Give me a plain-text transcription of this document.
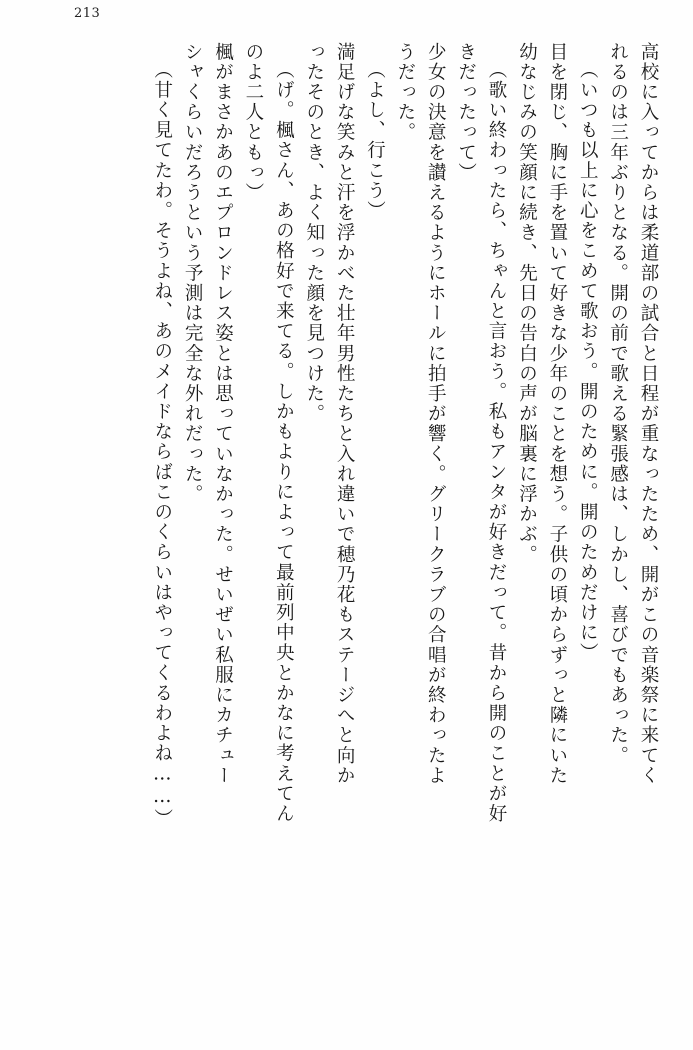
213
高校に入ってからは柔道部の試合と日程が重なったため、開がこの音楽祭に来てく
れるのは三年ぶりとなる。開の前で歌える緊張感は、しかし、喜びでもあった。
（いつも以上に心をこめて歌おう。開のために。開のためだけに）
目を閉じ、胸に手を置いて好きな少年のことを想う。子供の頃からずっと隣にいた
幼なじみの笑顔に続き、先日の告白の声が脳裏に浮かぶ。
（歌い終わったら、ちゃんと言おう。私もアンタが好きだって。昔から開のことが好
きだったって）
少女の決意を讃えるようにホールに拍手が響く。グリークラブの合唱が終わったよ
うだった。
（よし、行こう）
満足げな笑みと汗を浮かべた壮年男性たちと入れ違いで穂乃花もステージへと向か
ったそのとき、よく知った顔を見つけた。
（げ。楓さん、あの格好で来てる。しかもよりによって最前列中央とかなに考えてん
のよ二人ともっ）
楓がまさかあのエプロンドレス姿とは思っていなかった。せいぜい私服にカチュー
シャくらいだろうという予測は完全な外れだった。
（甘く見てたわ。そうよね、あのメイドならばこのくらいはやってくるわよね……）
